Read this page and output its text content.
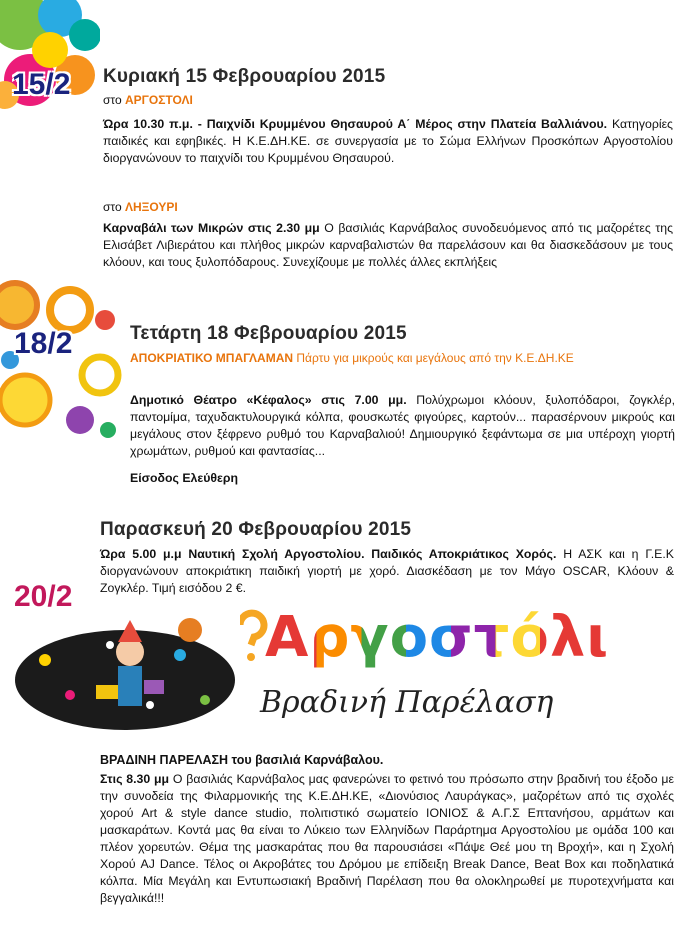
15/2 Κυριακή 15 Φεβρουαρίου 2015
στο ΑΡΓΟΣΤΟΛΙ
Ώρα 10.30 π.μ. - Παιχνίδι Κρυμμένου Θησαυρού Α΄ Μέρος στην Πλατεία Βαλλιάνου. Κατηγορίες παιδικές και εφηβικές. Η Κ.Ε.ΔΗ.ΚΕ. σε συνεργασία με το Σώμα Ελλήνων Προσκόπων Αργοστολίου διοργανώνουν το παιχνίδι του Κρυμμένου Θησαυρού.
στο ΛΗΞΟΥΡΙ
Καρναβάλι των Μικρών στις 2.30 μμ Ο βασιλιάς Καρνάβαλος συνοδευόμενος από τις μαζορέτες της Ελισάβετ Λιβιεράτου και πλήθος μικρών καρναβαλιστών θα παρελάσουν και θα διασκεδάσουν με τους κλόουν, και τους ξυλοπόδαρους. Συνεχίζουμε με πολλές άλλες εκπλήξεις
18/2	Τετάρτη 18 Φεβρουαρίου 2015
ΑΠΟΚΡΙΑΤΙΚΟ ΜΠΑΓΛΑΜΑΝ Πάρτυ για μικρούς και μεγάλους από την Κ.Ε.ΔΗ.ΚΕ
Δημοτικό Θέατρο «Κέφαλος» στις 7.00 μμ. Πολύχρωμοι κλόουν, ξυλοπόδαροι, ζογκλέρ, παντομίμα, ταχυδακτυλουργικά κόλπα, φουσκωτές φιγούρες, καρτούν... παρασέρνουν μικρούς και μεγάλους στον ξέφρενο ρυθμό του Καρναβαλιού! Δημιουργικό ξεφάντωμα σε μια υπέροχη γιορτή χρωμάτων, ρυθμού και φαντασίας...
Είσοδος Ελεύθερη
Παρασκευή 20 Φεβρουαρίου 2015
Ώρα 5.00 μ.μ Ναυτική Σχολή Αργοστολίου. Παιδικός Αποκριάτικος Χορός. Η ΑΣΚ και η Γ.Ε.Κ διοργανώνουν αποκριάτικη παιδική γιορτή με χορό. Διασκέδαση με τον Μάγο OSCAR, Κλόουν & Ζογκλέρ. Τιμή εισόδου 2 €.
20/2
Αργοστόλι
Βραδινή Παρέλαση
ΒΡΑΔΙΝΗ ΠΑΡΕΛΑΣΗ του βασιλιά Καρνάβαλου.
Στις 8.30 μμ Ο βασιλιάς Καρνάβαλος μας φανερώνει το φετινό του πρόσωπο στην βραδινή του έξοδο με την συνοδεία της Φιλαρμονικής της Κ.Ε.ΔΗ.ΚΕ, «Διονύσιος Λαυράγκας», μαζορέτων από τις σχολές χορού Art & style dance studio, πολιτιστικό σωματείο ΙΟΝΙΟΣ & Α.Γ.Σ Επτανήσου, αρμάτων και μασκαράτων. Κοντά μας θα είναι το Λύκειο των Ελληνίδων Παράρτημα Αργοστολίου με ομάδα 100 και πλέον χορευτών. Θέμα της μασκαράτας που θα παρουσιάσει «Πάψε Θεέ μου τη Βροχή», και η Σχολή Χορού AJ Dance. Τέλος οι Ακροβάτες του Δρόμου με επίδειξη Break Dance, Beat Box και ποδηλατικά κόλπα. Μία Μεγάλη και Εντυπωσιακή Βραδινή Παρέλαση που θα ολοκληρωθεί με πυροτεχνήματα και βεγγαλικά!!!
